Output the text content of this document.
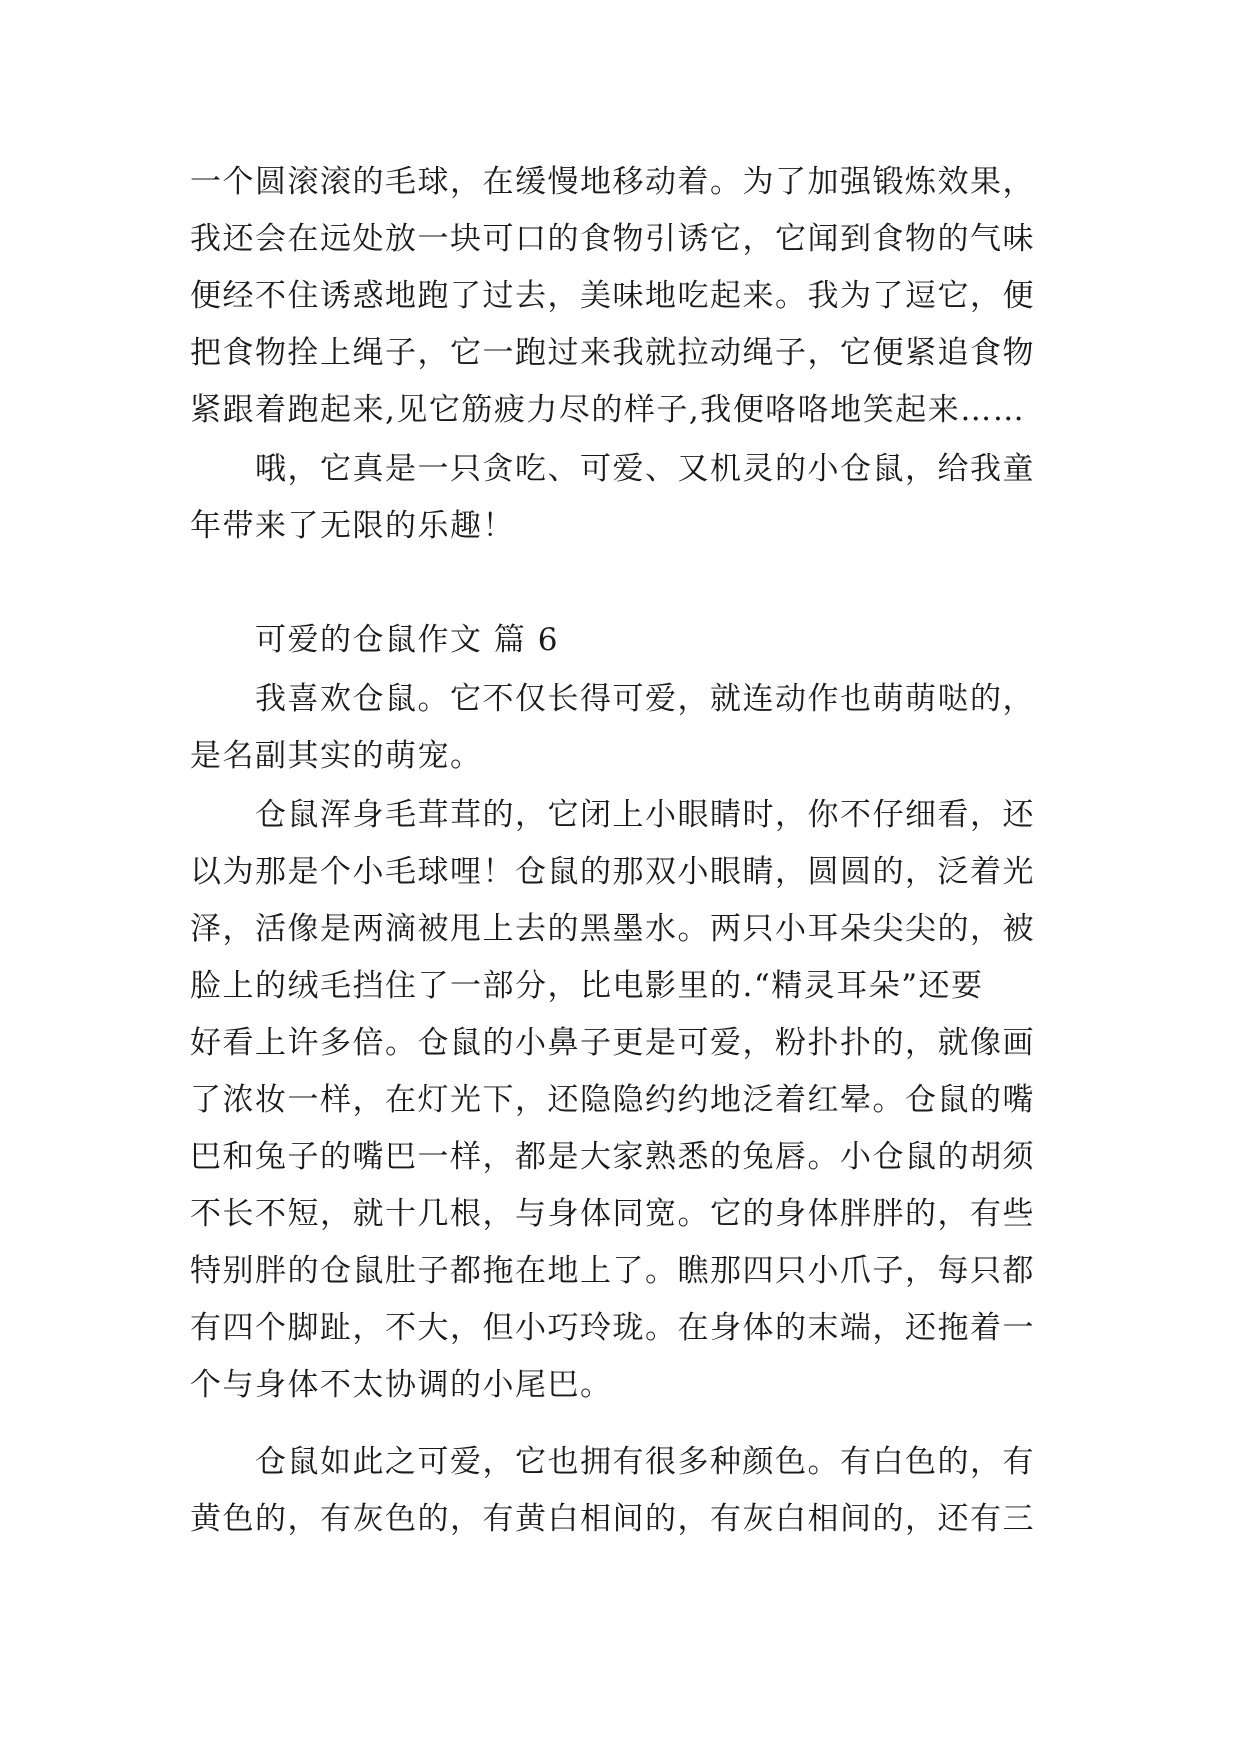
一个圆滚滚的毛球，在缓慢地移动着。为了加强锻炼效果，
我还会在远处放一块可口的食物引诱它，它闻到食物的气味
便经不住诱惑地跑了过去，美味地吃起来。我为了逗它，便
把食物拴上绳子，它一跑过来我就拉动绳子，它便紧追食物
紧跟着跑起来,见它筋疲力尽的样子,我便咯咯地笑起来……
哦，它真是一只贪吃、可爱、又机灵的小仓鼠，给我童
年带来了无限的乐趣！
可爱的仓鼠作文 篇 6
我喜欢仓鼠。它不仅长得可爱，就连动作也萌萌哒的，
是名副其实的萌宠。
仓鼠浑身毛茸茸的，它闭上小眼睛时，你不仔细看，还
以为那是个小毛球哩！仓鼠的那双小眼睛，圆圆的，泛着光
泽，活像是两滴被甩上去的黑墨水。两只小耳朵尖尖的，被
脸上的绒毛挡住了一部分，比电影里的.“精灵耳朵”还要
好看上许多倍。仓鼠的小鼻子更是可爱，粉扑扑的，就像画
了浓妆一样，在灯光下，还隐隐约约地泛着红晕。仓鼠的嘴
巴和兔子的嘴巴一样，都是大家熟悉的兔唇。小仓鼠的胡须
不长不短，就十几根，与身体同宽。它的身体胖胖的，有些
特别胖的仓鼠肚子都拖在地上了。瞧那四只小爪子，每只都
有四个脚趾，不大，但小巧玲珑。在身体的末端，还拖着一
个与身体不太协调的小尾巴。
仓鼠如此之可爱，它也拥有很多种颜色。有白色的，有
黄色的，有灰色的，有黄白相间的，有灰白相间的，还有三
